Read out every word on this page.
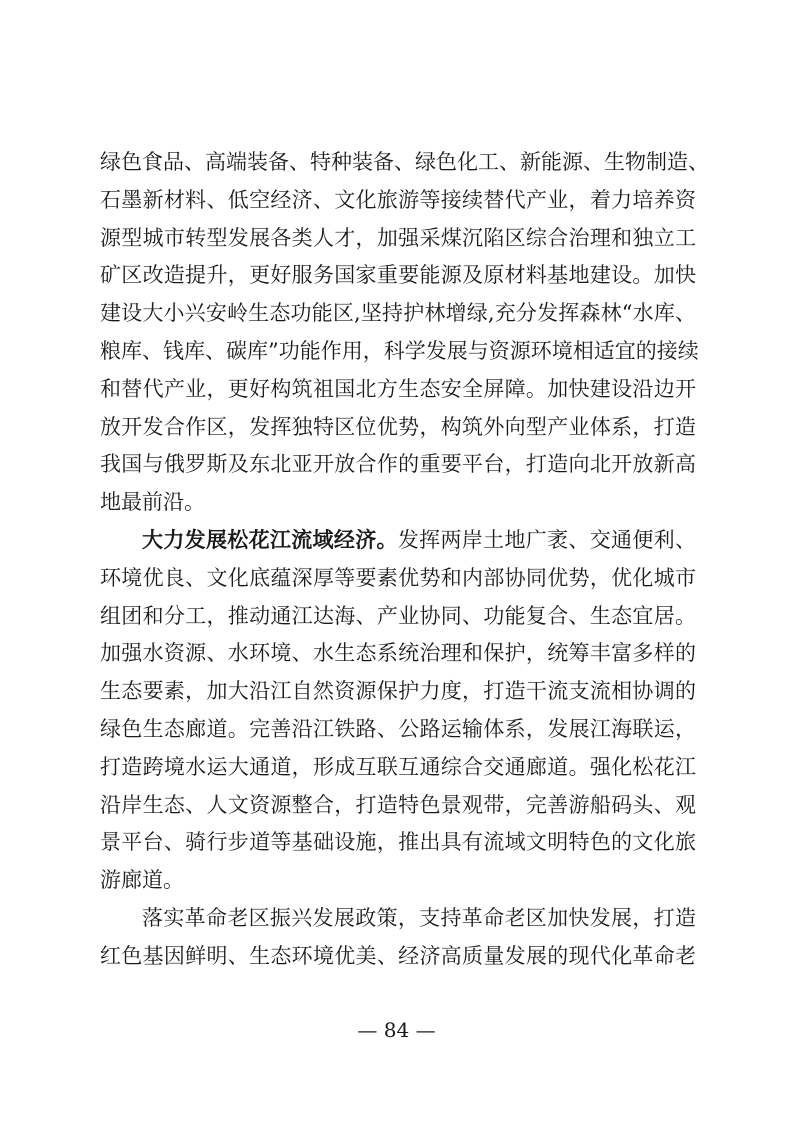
绿色食品、高端装备、特种装备、绿色化工、新能源、生物制造、
石墨新材料、低空经济、文化旅游等接续替代产业，着力培养资
源型城市转型发展各类人才，加强采煤沉陷区综合治理和独立工
矿区改造提升，更好服务国家重要能源及原材料基地建设。加快
建设大小兴安岭生态功能区,坚持护林增绿,充分发挥森林“水库、
粮库、钱库、碳库”功能作用，科学发展与资源环境相适宜的接续
和替代产业，更好构筑祖国北方生态安全屏障。加快建设沿边开
放开发合作区，发挥独特区位优势，构筑外向型产业体系，打造
我国与俄罗斯及东北亚开放合作的重要平台，打造向北开放新高
地最前沿。
大力发展松花江流域经济。发挥两岸土地广袤、交通便利、
环境优良、文化底蕴深厚等要素优势和内部协同优势，优化城市
组团和分工，推动通江达海、产业协同、功能复合、生态宜居。
加强水资源、水环境、水生态系统治理和保护，统筹丰富多样的
生态要素，加大沿江自然资源保护力度，打造干流支流相协调的
绿色生态廊道。完善沿江铁路、公路运输体系，发展江海联运，
打造跨境水运大通道，形成互联互通综合交通廊道。强化松花江
沿岸生态、人文资源整合，打造特色景观带，完善游船码头、观
景平台、骑行步道等基础设施，推出具有流域文明特色的文化旅
游廊道。
落实革命老区振兴发展政策，支持革命老区加快发展，打造
红色基因鲜明、生态环境优美、经济高质量发展的现代化革命老
— 84 —
